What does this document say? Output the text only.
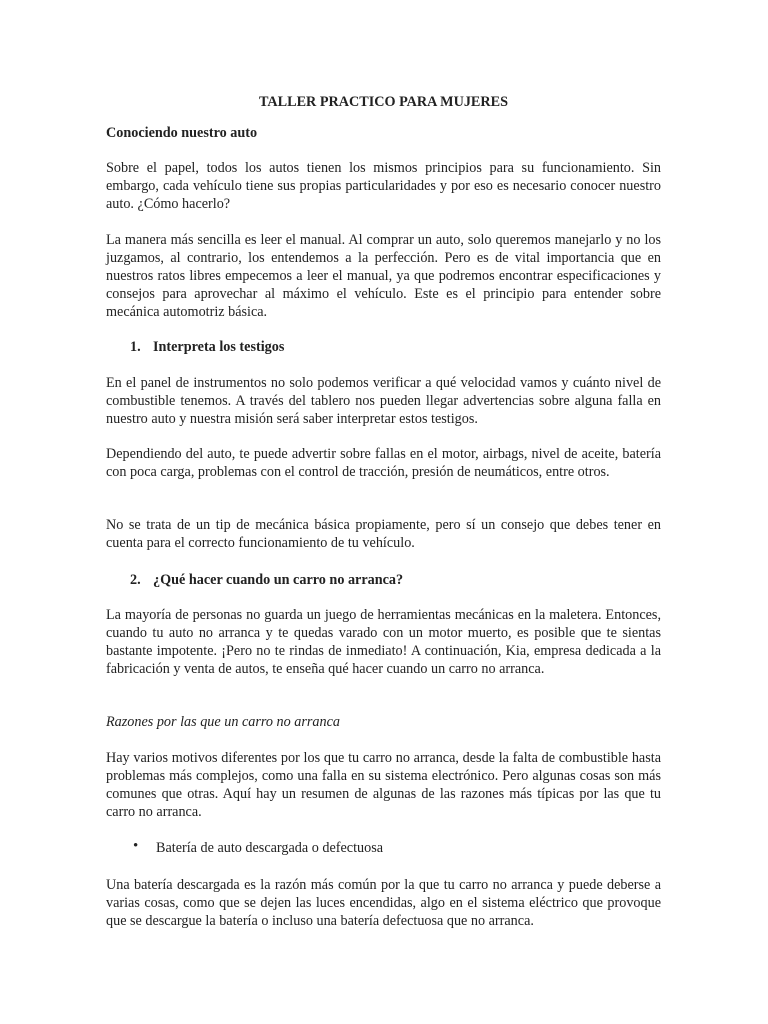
TALLER PRACTICO PARA MUJERES
Conociendo nuestro auto

Sobre el papel, todos los autos tienen los mismos principios para su funcionamiento. Sin embargo, cada vehículo tiene sus propias particularidades y por eso es necesario conocer nuestro auto. ¿Cómo hacerlo?

La manera más sencilla es leer el manual. Al comprar un auto, solo queremos manejarlo y no los juzgamos, al contrario, los entendemos a la perfección. Pero es de vital importancia que en nuestros ratos libres empecemos a leer el manual, ya que podremos encontrar especificaciones y consejos para aprovechar al máximo el vehículo. Este es el principio para entender sobre mecánica automotriz básica.

1. Interpreta los testigos

En el panel de instrumentos no solo podemos verificar a qué velocidad vamos y cuánto nivel de combustible tenemos. A través del tablero nos pueden llegar advertencias sobre alguna falla en nuestro auto y nuestra misión será saber interpretar estos testigos.

Dependiendo del auto, te puede advertir sobre fallas en el motor, airbags, nivel de aceite, batería con poca carga, problemas con el control de tracción, presión de neumáticos, entre otros.

No se trata de un tip de mecánica básica propiamente, pero sí un consejo que debes tener en cuenta para el correcto funcionamiento de tu vehículo.

2. ¿Qué hacer cuando un carro no arranca?

La mayoría de personas no guarda un juego de herramientas mecánicas en la maletera. Entonces, cuando tu auto no arranca y te quedas varado con un motor muerto, es posible que te sientas bastante impotente. ¡Pero no te rindas de inmediato! A continuación, Kia, empresa dedicada a la fabricación y venta de autos, te enseña qué hacer cuando un carro no arranca.

Razones por las que un carro no arranca

Hay varios motivos diferentes por los que tu carro no arranca, desde la falta de combustible hasta problemas más complejos, como una falla en su sistema electrónico. Pero algunas cosas son más comunes que otras. Aquí hay un resumen de algunas de las razones más típicas por las que tu carro no arranca.

• Batería de auto descargada o defectuosa

Una batería descargada es la razón más común por la que tu carro no arranca y puede deberse a varias cosas, como que se dejen las luces encendidas, algo en el sistema eléctrico que provoque que se descargue la batería o incluso una batería defectuosa que no arranca.
